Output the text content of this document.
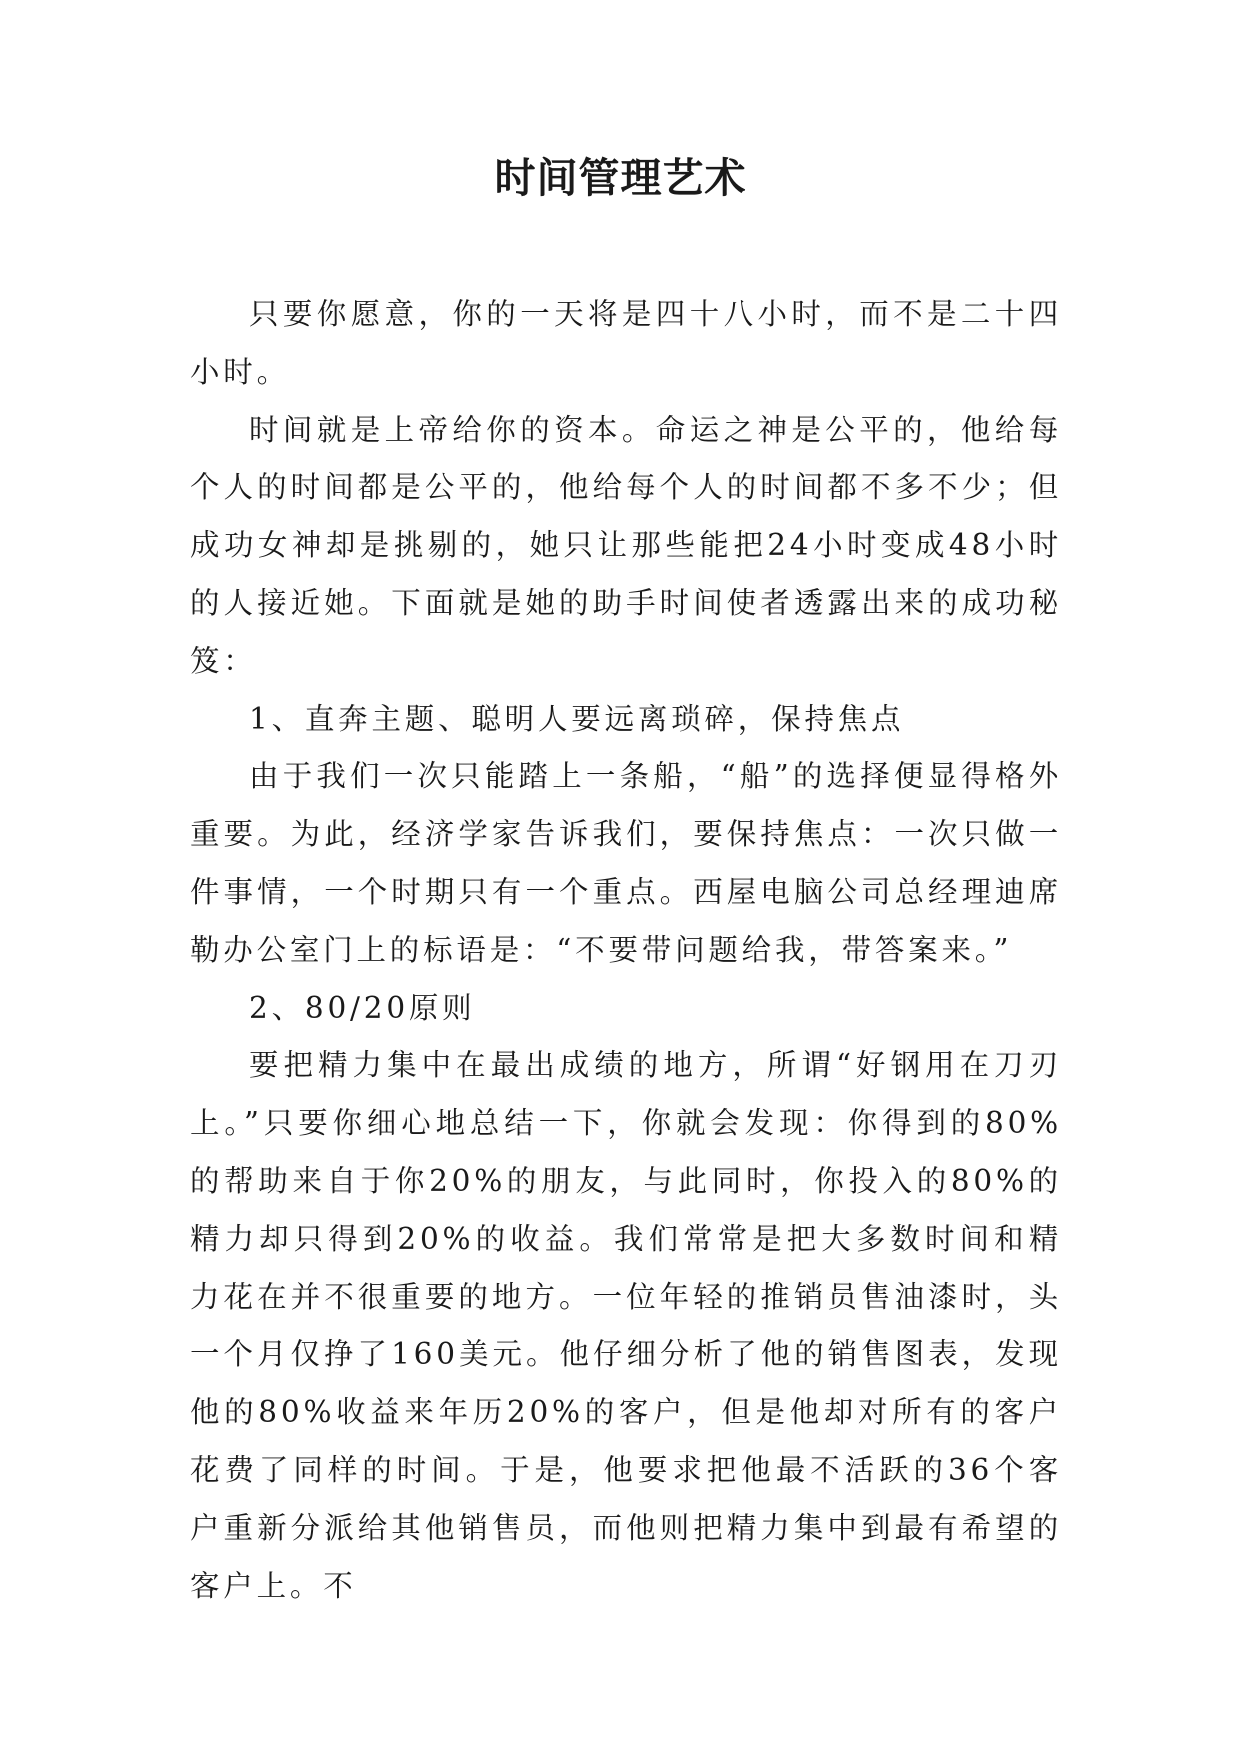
时间管理艺术

只要你愿意，你的一天将是四十八小时，而不是二十四小时。

时间就是上帝给你的资本。命运之神是公平的，他给每个人的时间都是公平的，他给每个人的时间都不多不少；但成功女神却是挑剔的，她只让那些能把24小时变成48小时的人接近她。下面就是她的助手时间使者透露出来的成功秘笈：

1、直奔主题、聪明人要远离琐碎，保持焦点

由于我们一次只能踏上一条船，“船”的选择便显得格外重要。为此，经济学家告诉我们，要保持焦点：一次只做一件事情，一个时期只有一个重点。西屋电脑公司总经理迪席勒办公室门上的标语是：“不要带问题给我，带答案来。”

2、80/20原则

要把精力集中在最出成绩的地方，所谓“好钢用在刀刃上。”只要你细心地总结一下，你就会发现：你得到的80%的帮助来自于你20%的朋友，与此同时，你投入的80%的精力却只得到20%的收益。我们常常是把大多数时间和精力花在并不很重要的地方。一位年轻的推销员售油漆时，头一个月仅挣了160美元。他仔细分析了他的销售图表，发现他的80%收益来年历20%的客户，但是他却对所有的客户花费了同样的时间。于是，他要求把他最不活跃的36个客户重新分派给其他销售员，而他则把精力集中到最有希望的客户上。不
